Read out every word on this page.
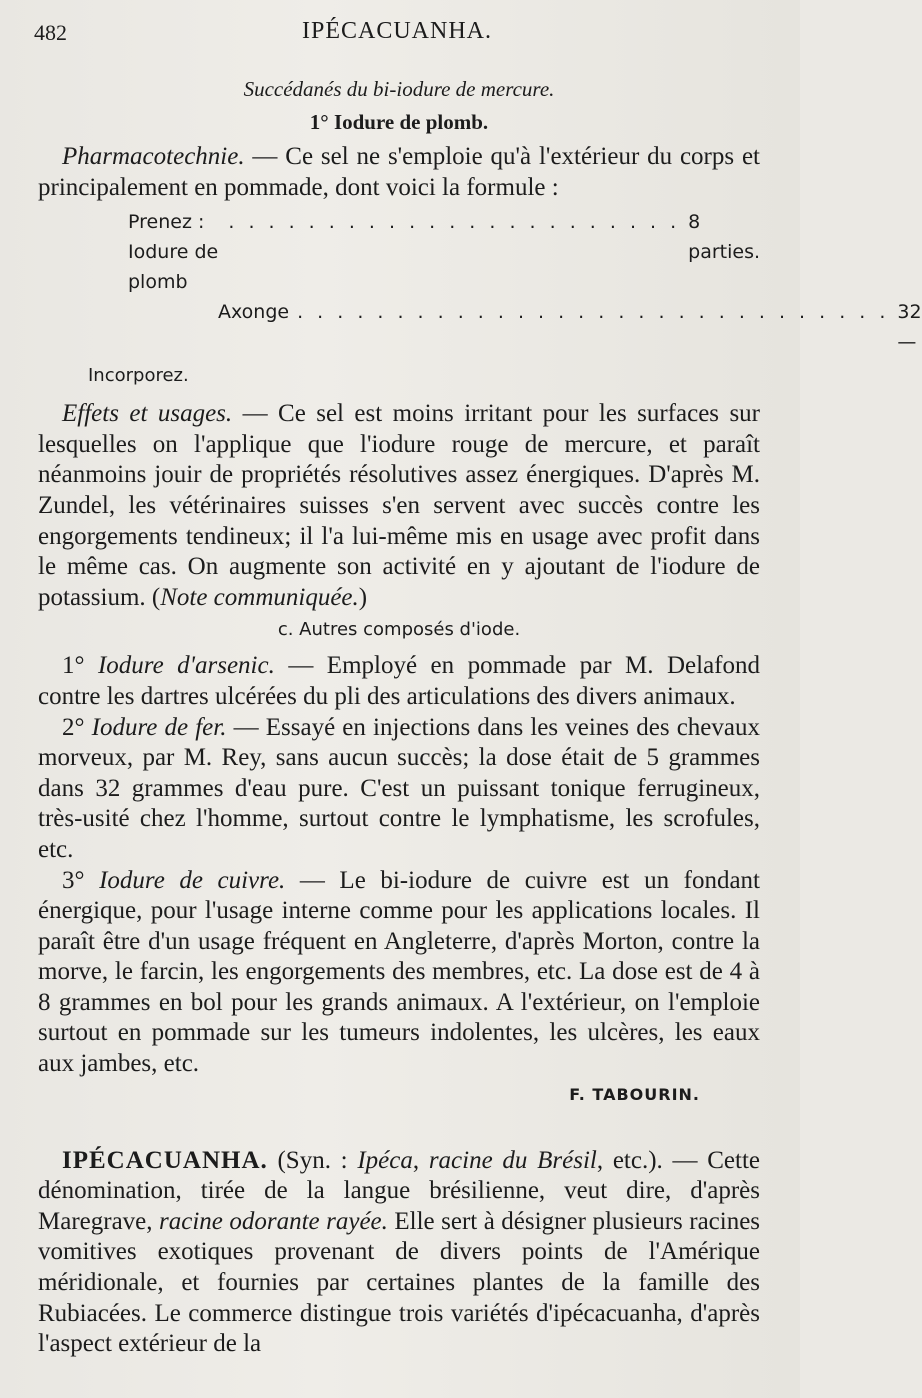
482	IPÉCACUANHA.
Succédanés du bi-iodure de mercure.
1° Iodure de plomb.

Pharmacotechnie. — Ce sel ne s'emploie qu'à l'extérieur du corps et principalement en pommade, dont voici la formule :

Prenez : Iodure de plomb
. . . . . . . . . . . . . . . . . . . . . . . 8 parties.
Axonge . . . . . . . . . . . . . . . . . . . . . . . . . . . . . . 32 —
Incorporez.

Effets et usages. — Ce sel est moins irritant pour les surfaces sur lesquelles on l'applique que l'iodure rouge de mercure, et paraît néanmoins jouir de propriétés résolutives assez énergiques. D'après M. Zundel, les vétérinaires suisses s'en servent avec succès contre les engorgements tendineux; il l'a lui-même mis en usage avec profit dans le même cas. On augmente son activité en y ajoutant de l'iodure de potassium. (Note communiquée.)

c. Autres composés d'iode.

1° Iodure d'arsenic. — Employé en pommade par M. Delafond contre les dartres ulcérées du pli des articulations des divers animaux.

2° Iodure de fer. — Essayé en injections dans les veines des chevaux morveux, par M. Rey, sans aucun succès; la dose était de 5 grammes dans 32 grammes d'eau pure. C'est un puissant tonique ferrugineux, très-usité chez l'homme, surtout contre le lymphatisme, les scrofules, etc.

3° Iodure de cuivre. — Le bi-iodure de cuivre est un fondant énergique, pour l'usage interne comme pour les applications locales. Il paraît être d'un usage fréquent en Angleterre, d'après Morton, contre la morve, le farcin, les engorgements des membres, etc. La dose est de 4 à 8 grammes en bol pour les grands animaux. A l'extérieur, on l'emploie surtout en pommade sur les tumeurs indolentes, les ulcères, les eaux aux jambes, etc.

F. TABOURIN.

IPÉCACUANHA. (Syn. : Ipéca, racine du Brésil, etc.). — Cette dénomination, tirée de la langue brésilienne, veut dire, d'après Maregrave, racine odorante rayée. Elle sert à désigner plusieurs racines vomitives exotiques provenant de divers points de l'Amérique méridionale, et fournies par certaines plantes de la famille des Rubiacées. Le commerce distingue trois variétés d'ipécacuanha, d'après l'aspect extérieur de la
